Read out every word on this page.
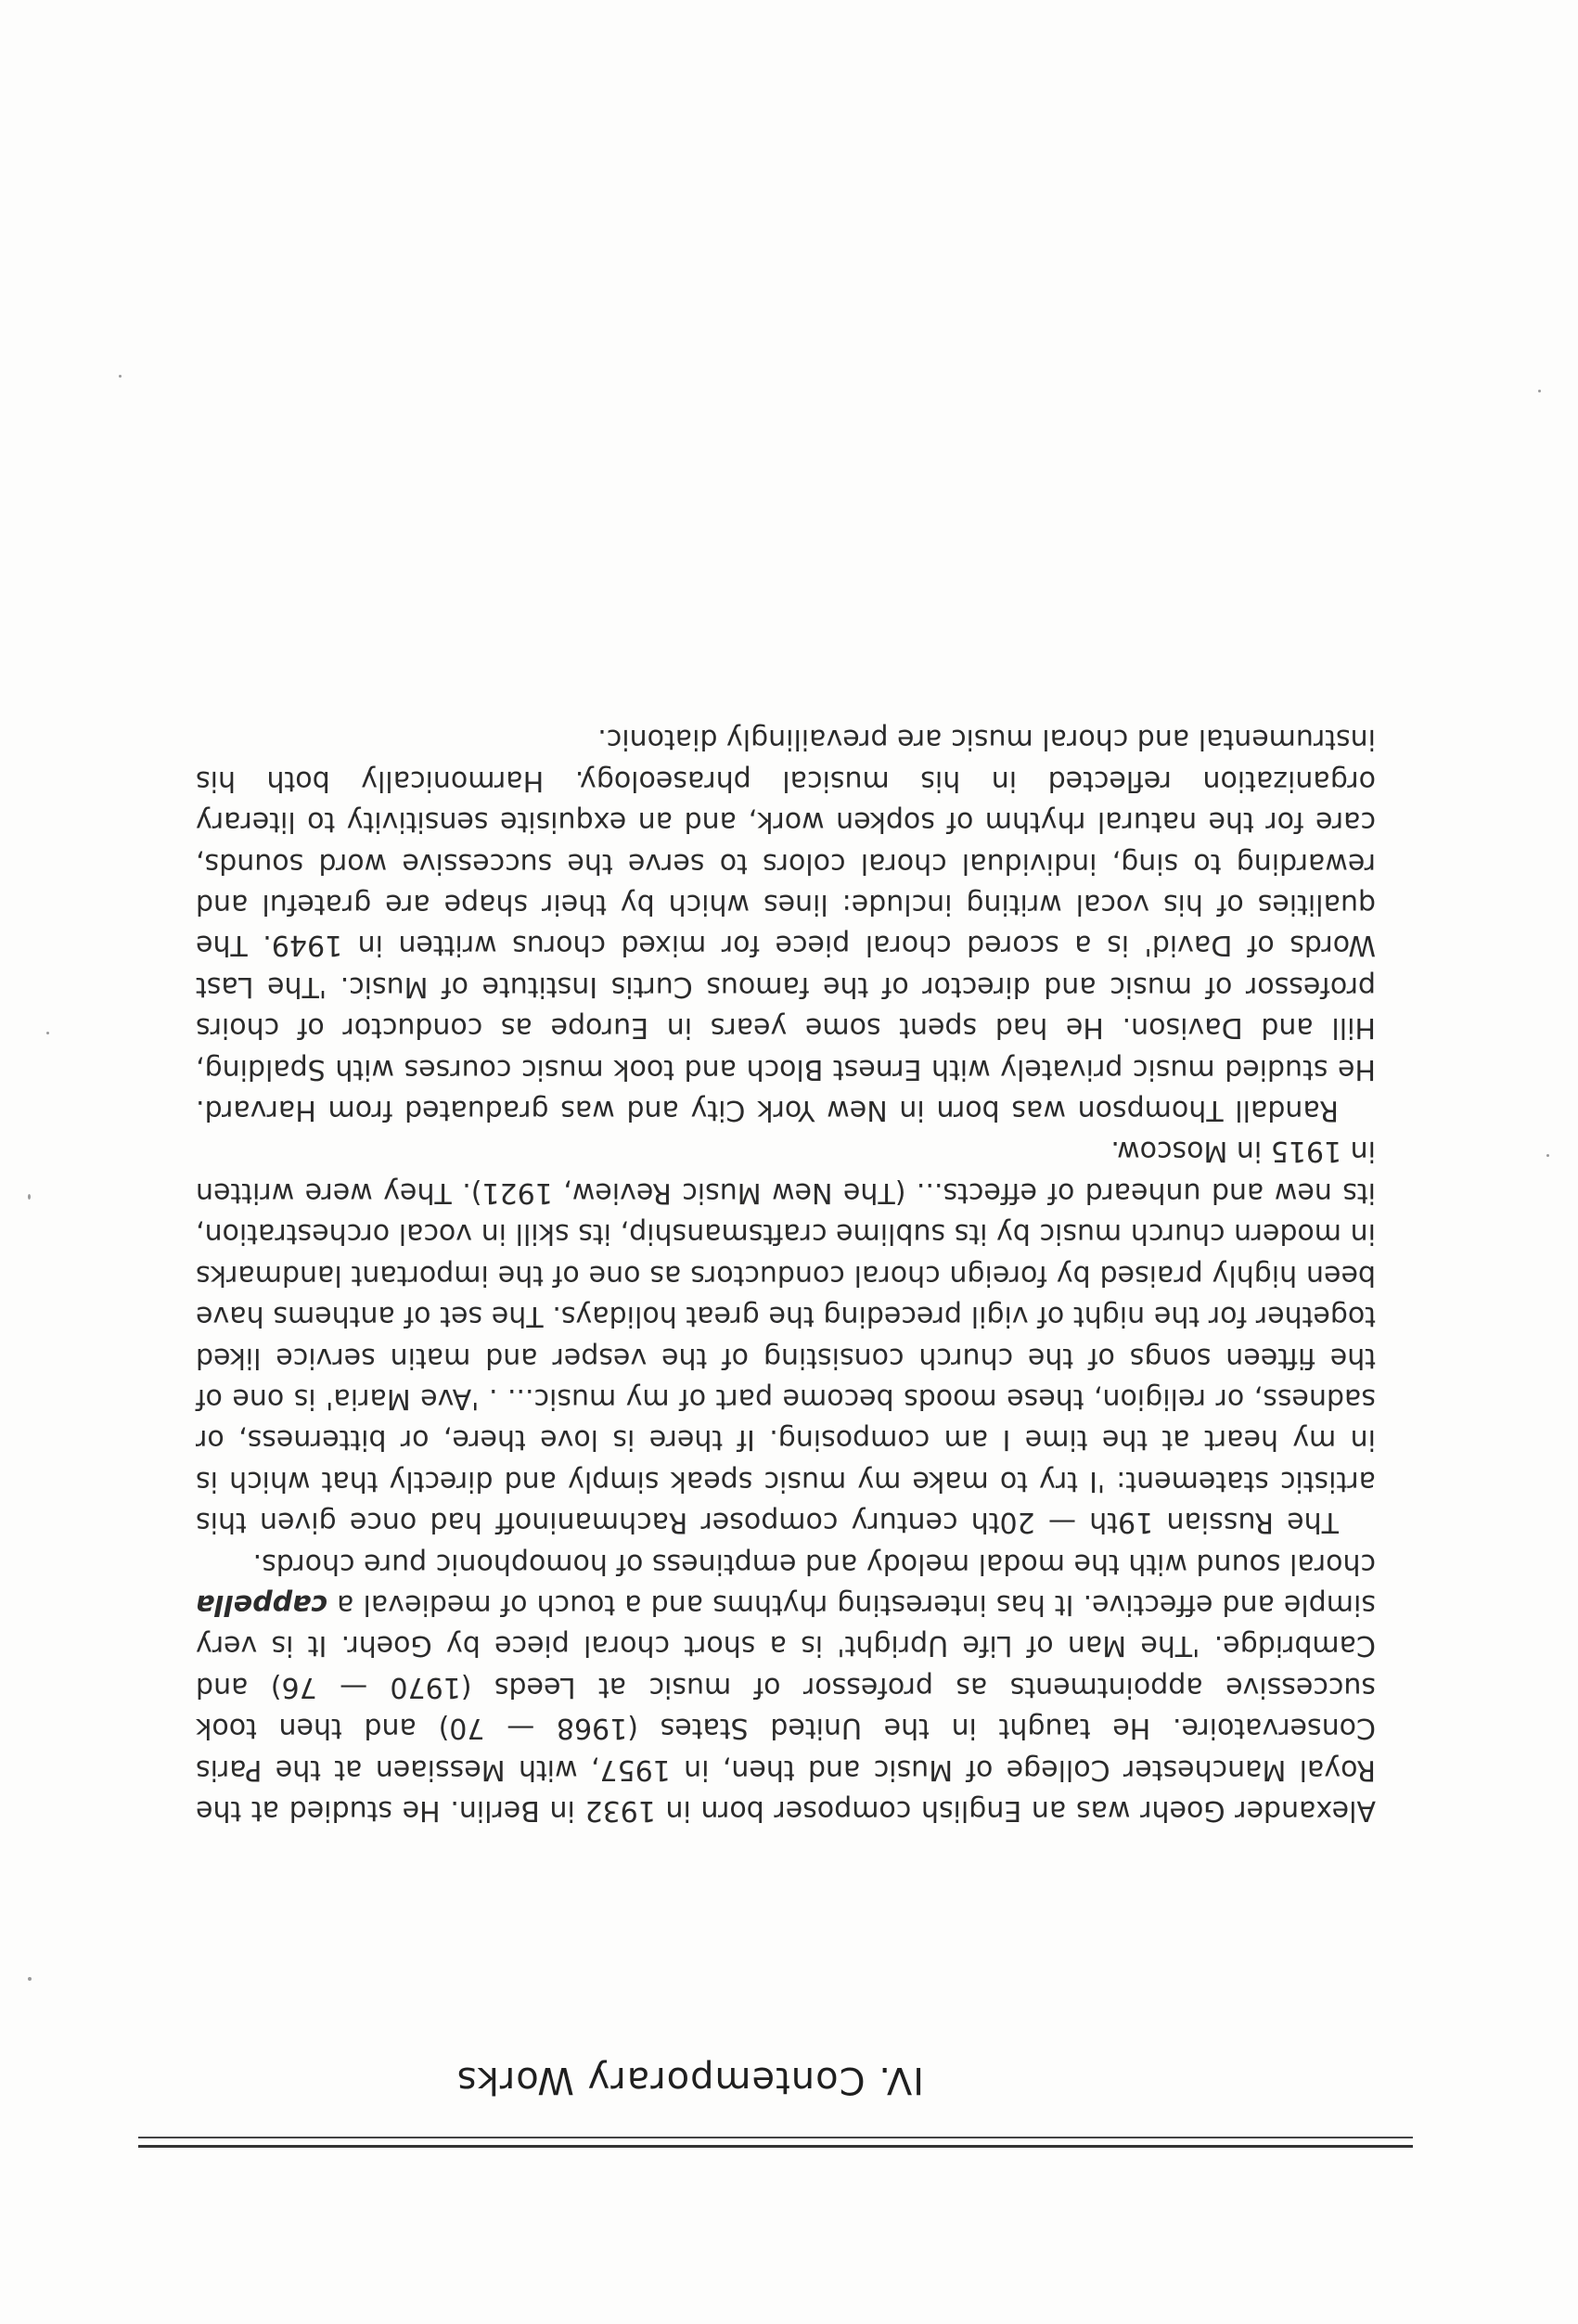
IV. Contemporary Works

Alexander Goehr was an English composer born in 1932 in Berlin. He studied at the Royal Manchester College of Music and then, in 1957, with Messiaen at the Paris Conservatoire. He taught in the United States (1968 — 70) and then took successive appointments as professor of music at Leeds (1970 — 76) and Cambridge. 'The Man of Life Upright' is a short choral piece by Goehr. It is very simple and effective. It has interesting rhythms and a touch of medieval a cappella choral sound with the modal melody and emptiness of homophonic pure chords.

The Russian 19th — 20th century composer Rachmaninoff had once given this artistic statement: 'I try to make my music speak simply and directly that which is in my heart at the time I am composing. If there is love there, or bitterness, or sadness, or religion, these moods become part of my music... . 'Ave Maria' is one of the fifteen songs of the church consisting of the vesper and matin service liked together for the night of vigil preceding the great holidays. The set of anthems have been highly praised by foreign choral conductors as one of the important landmarks in modern church music by its sublime craftsmanship, its skill in vocal orchestration, its new and unheard of effects... (The New Music Review, 1921). They were written in 1915 in Moscow.

Randall Thompson was born in New York City and was graduated from Harvard. He studied music privately with Ernest Bloch and took music courses with Spalding, Hill and Davison. He had spent some years in Europe as conductor of choirs professor of music and director of the famous Curtis Institute of Music. 'The Last Words of David' is a scored choral piece for mixed chorus written in 1949. The qualities of his vocal writing include: lines which by their shape are grateful and rewarding to sing, individual choral colors to serve the successive word sounds, care for the natural rhythm of sopken work, and an exquisite sensitivity to literary organization reflected in his musical phraseology. Harmonically both his instrumental and choral music are prevailingly diatonic.
